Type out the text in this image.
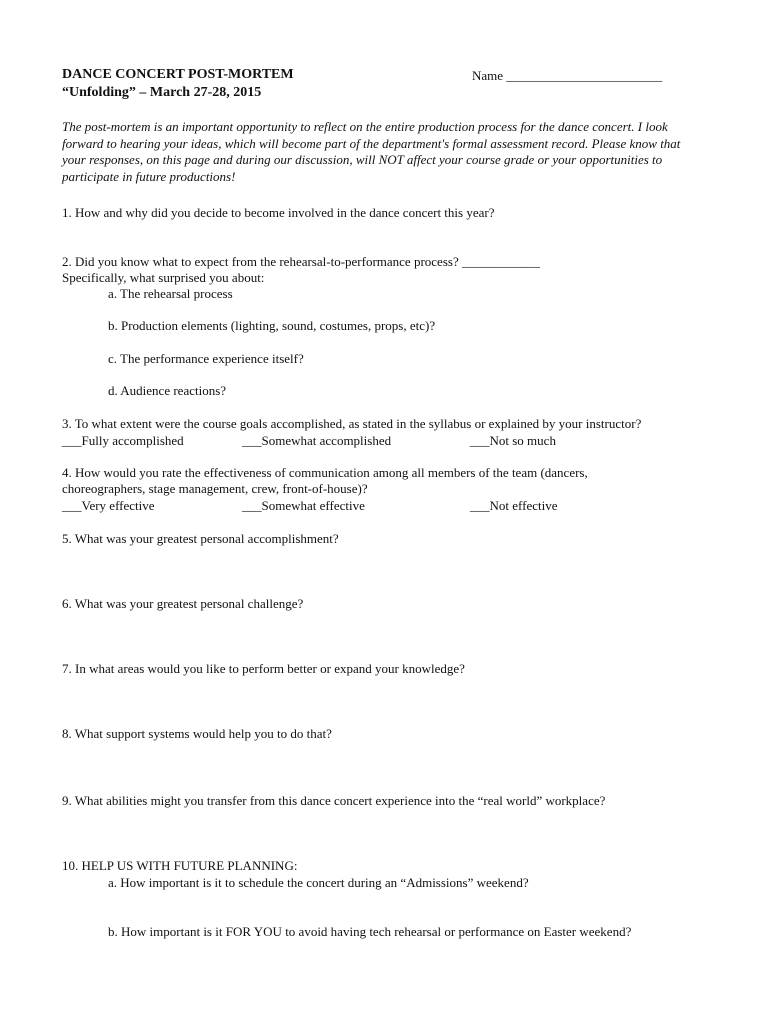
DANCE CONCERT POST-MORTEM
“Unfolding” – March 27-28, 2015
Name ________________________
The post-mortem is an important opportunity to reflect on the entire production process for the dance concert. I look forward to hearing your ideas, which will become part of the department's formal assessment record. Please know that your responses, on this page and during our discussion, will NOT affect your course grade or your opportunities to participate in future productions!
1. How and why did you decide to become involved in the dance concert this year?
2. Did you know what to expect from the rehearsal-to-performance process? ____________
Specifically, what surprised you about:
a. The rehearsal process
b. Production elements (lighting, sound, costumes, props, etc)?
c. The performance experience itself?
d. Audience reactions?
3. To what extent were the course goals accomplished, as stated in the syllabus or explained by your instructor?
___Fully accomplished	___Somewhat accomplished	___Not so much
4. How would you rate the effectiveness of communication among all members of the team (dancers,
choreographers, stage management, crew, front-of-house)?
___Very effective	___Somewhat effective	___Not effective
5. What was your greatest personal accomplishment?
6. What was your greatest personal challenge?
7. In what areas would you like to perform better or expand your knowledge?
8. What support systems would help you to do that?
9. What abilities might you transfer from this dance concert experience into the “real world” workplace?
10. HELP US WITH FUTURE PLANNING:
a. How important is it to schedule the concert during an “Admissions” weekend?
b. How important is it FOR YOU to avoid having tech rehearsal or performance on Easter weekend?
